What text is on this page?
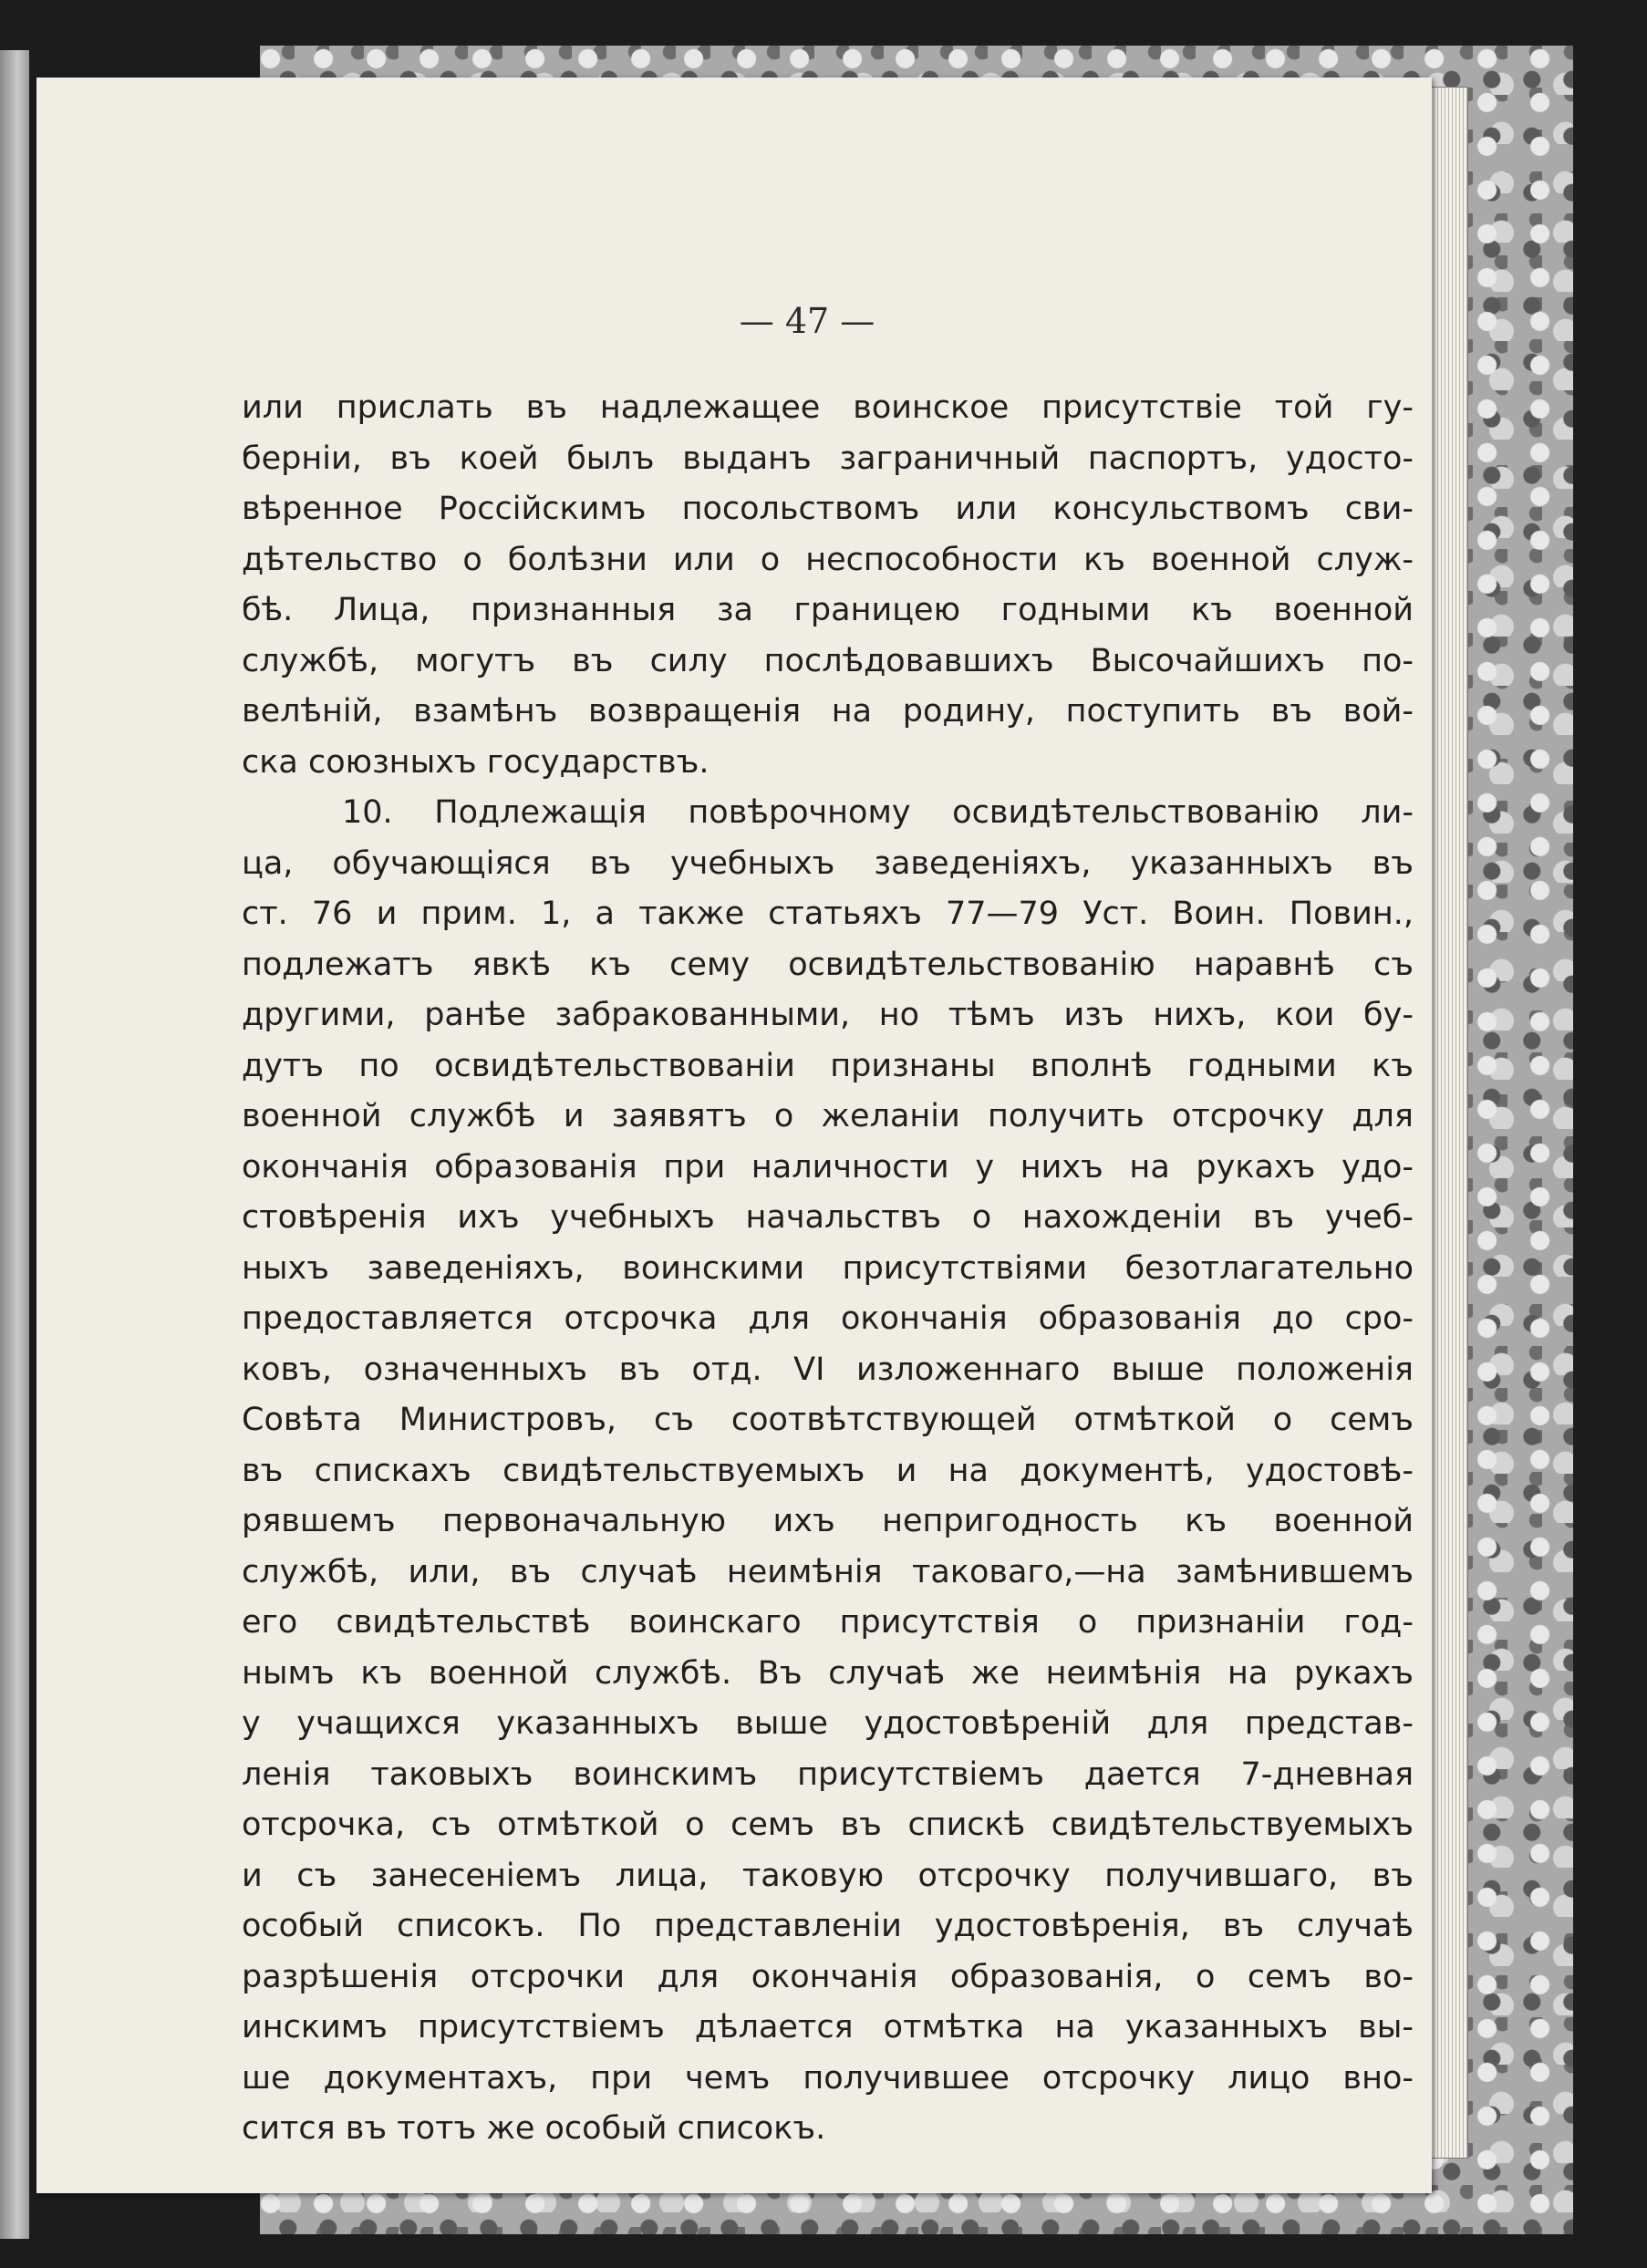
— 47 —
или прислать въ надлежащее воинское присутствіе той гу-
берніи, въ коей былъ выданъ заграничный паспортъ, удосто-
вѣренное Россійскимъ посольствомъ или консульствомъ сви-
дѣтельство о болѣзни или о неспособности къ военной служ-
бѣ. Лица, признанныя за границею годными къ военной
службѣ, могутъ въ силу послѣдовавшихъ Высочайшихъ по-
велѣній, взамѣнъ возвращенія на родину, поступить въ вой-
ска союзныхъ государствъ.
10. Подлежащія повѣрочному освидѣтельствованію ли-
ца, обучающіяся въ учебныхъ заведеніяхъ, указанныхъ въ
ст. 76 и прим. 1, а также статьяхъ 77—79 Уст. Воин. Повин.,
подлежатъ явкѣ къ сему освидѣтельствованію наравнѣ съ
другими, ранѣе забракованными, но тѣмъ изъ нихъ, кои бу-
дутъ по освидѣтельствованіи признаны вполнѣ годными къ
военной службѣ и заявятъ о желаніи получить отсрочку для
окончанія образованія при наличности у нихъ на рукахъ удо-
стовѣренія ихъ учебныхъ начальствъ о нахожденіи въ учеб-
ныхъ заведеніяхъ, воинскими присутствіями безотлагательно
предоставляется отсрочка для окончанія образованія до сро-
ковъ, означенныхъ въ отд. VI изложеннаго выше положенія
Совѣта Министровъ, съ соотвѣтствующей отмѣткой о семъ
въ спискахъ свидѣтельствуемыхъ и на документѣ, удостовѣ-
рявшемъ первоначальную ихъ непригодность къ военной
службѣ, или, въ случаѣ неимѣнія таковаго,—на замѣнившемъ
его свидѣтельствѣ воинскаго присутствія о признаніи год-
нымъ къ военной службѣ. Въ случаѣ же неимѣнія на рукахъ
у учащихся указанныхъ выше удостовѣреній для представ-
ленія таковыхъ воинскимъ присутствіемъ дается 7-дневная
отсрочка, съ отмѣткой о семъ въ спискѣ свидѣтельствуемыхъ
и съ занесеніемъ лица, таковую отсрочку получившаго, въ
особый списокъ. По представленіи удостовѣренія, въ случаѣ
разрѣшенія отсрочки для окончанія образованія, о семъ во-
инскимъ присутствіемъ дѣлается отмѣтка на указанныхъ вы-
ше документахъ, при чемъ получившее отсрочку лицо вно-
сится въ тотъ же особый списокъ.
